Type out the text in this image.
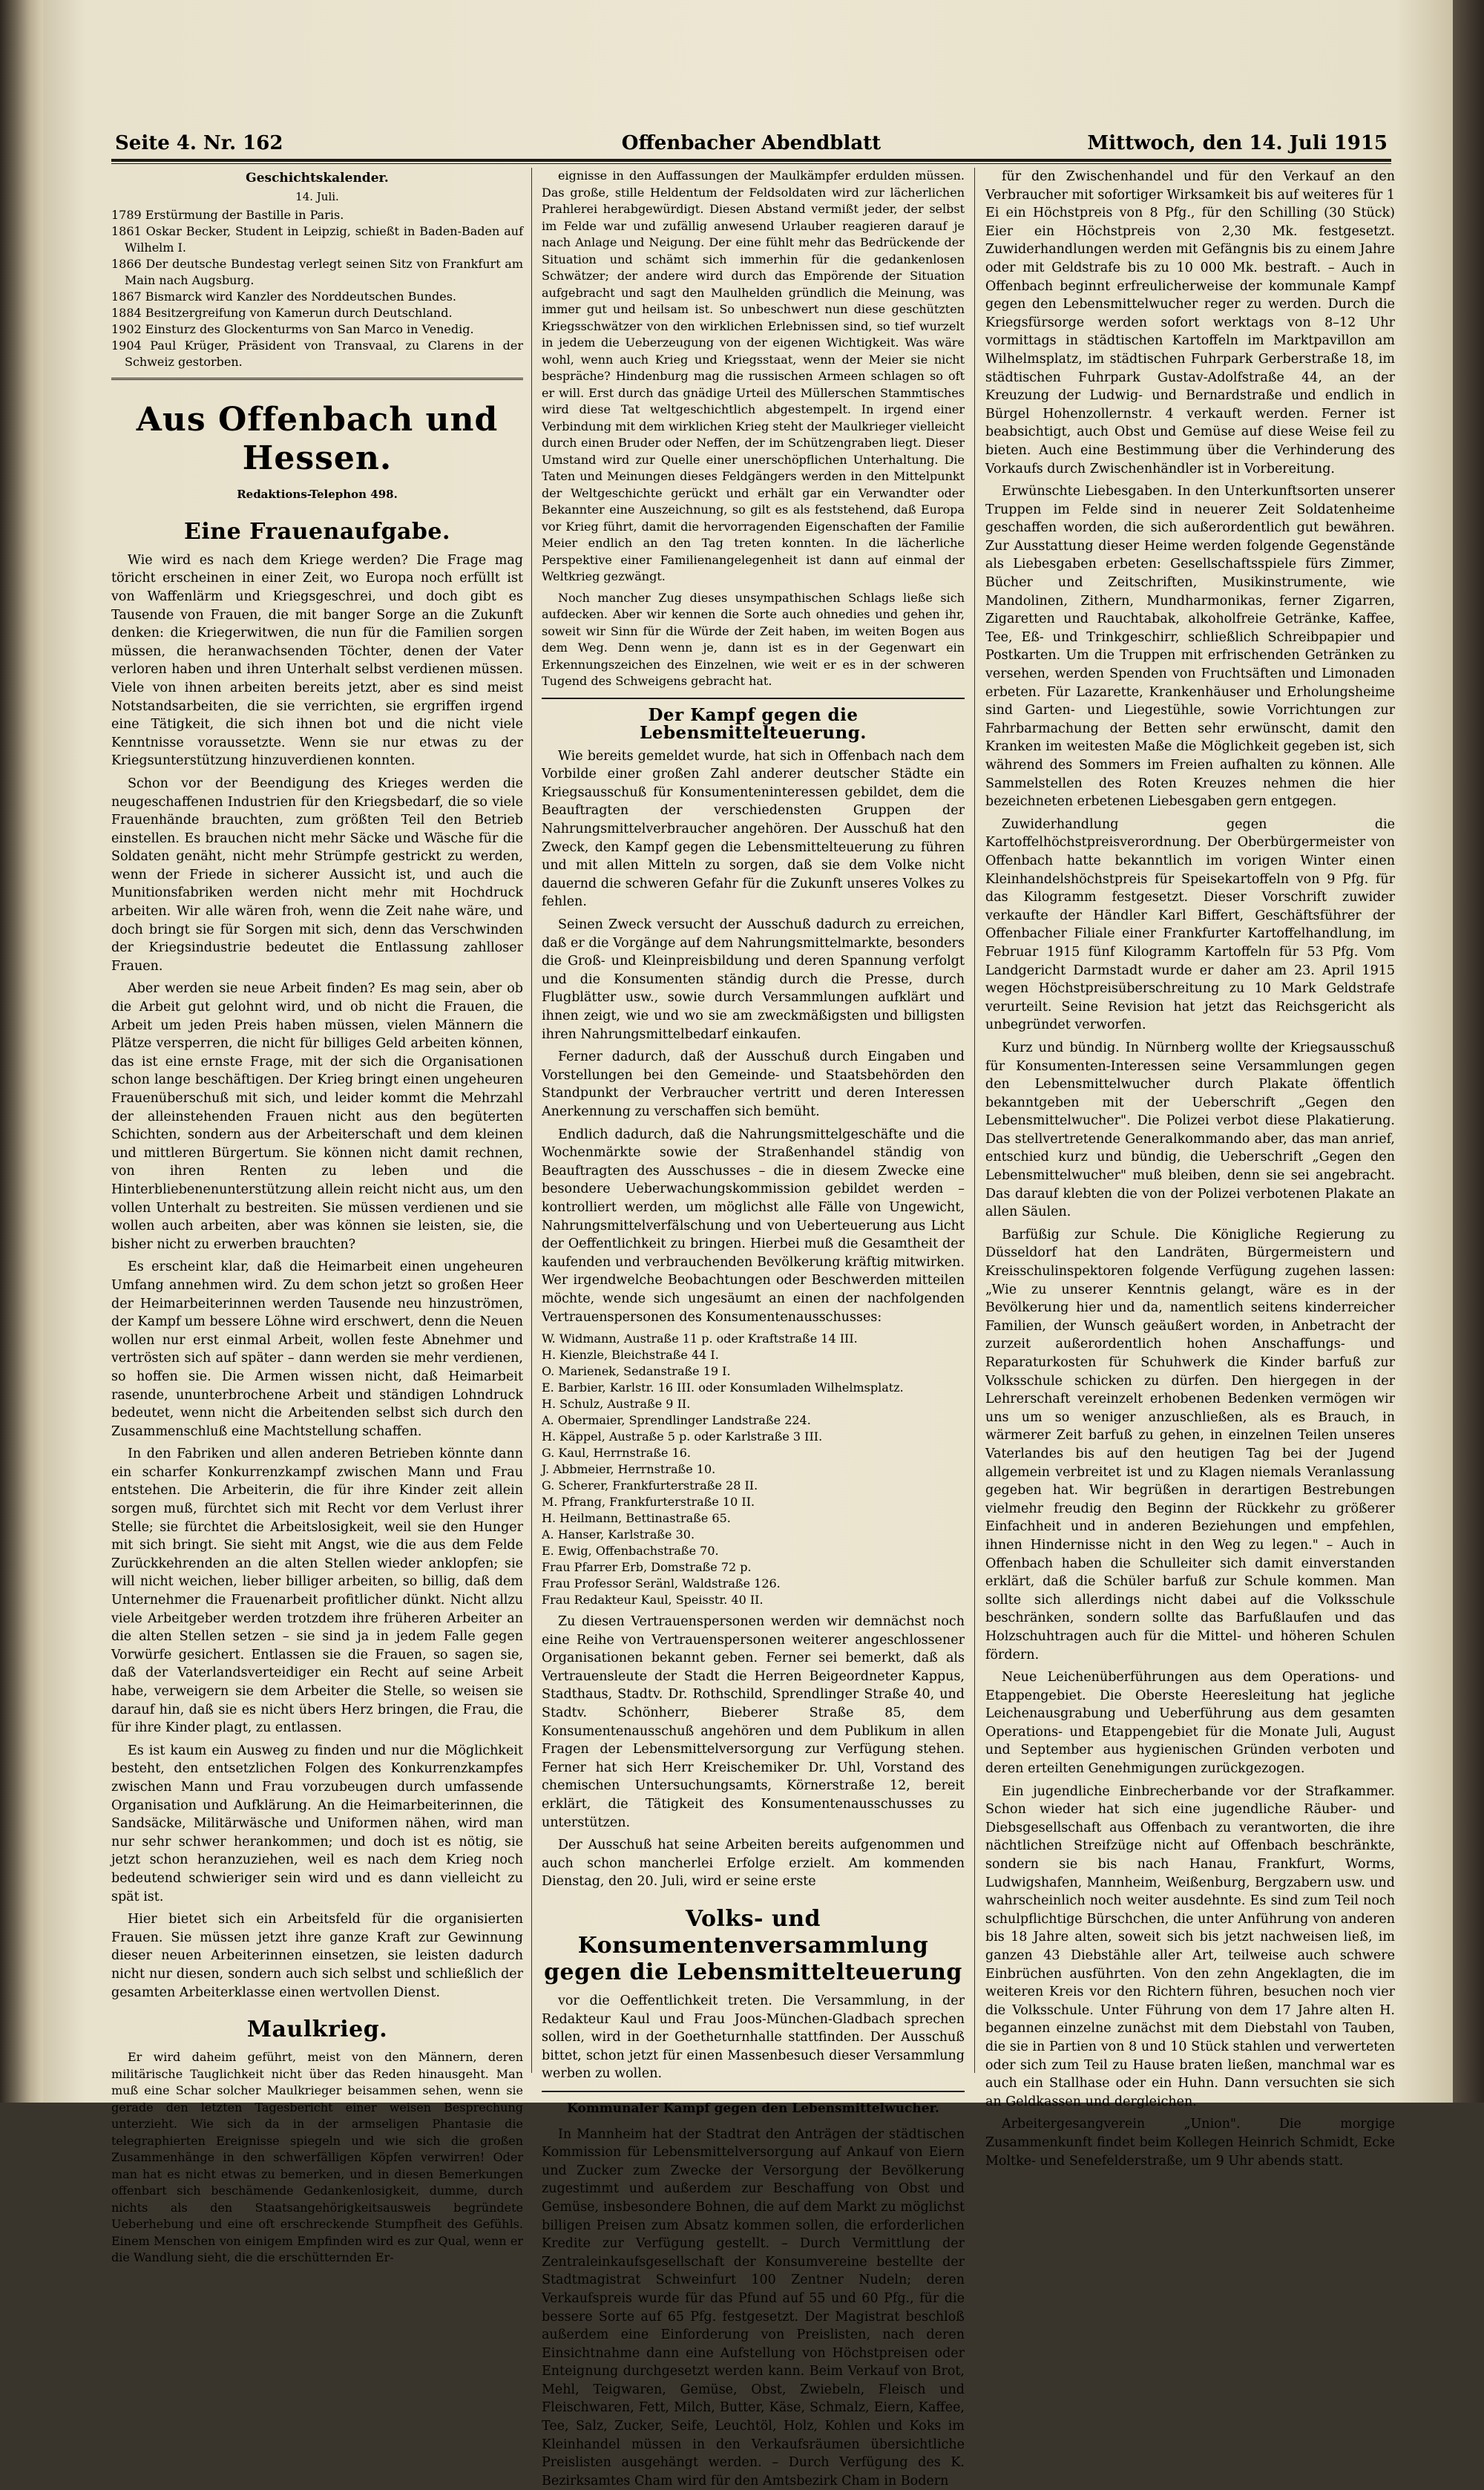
Seite 4. Nr. 162	Offenbacher Abendblatt	Mittwoch, den 14. Juli 1915
Geschichtskalender.
14. Juli.

1789 Erstürmung der Bastille in Paris.

1861 Oskar Becker, Student in Leipzig, schießt in Baden-Baden auf Wilhelm I.

1866 Der deutsche Bundestag verlegt seinen Sitz von Frankfurt am Main nach Augsburg.

1867 Bismarck wird Kanzler des Norddeutschen Bundes.

1884 Besitzergreifung von Kamerun durch Deutschland.

1902 Einsturz des Glockenturms von San Marco in Venedig.

1904 Paul Krüger, Präsident von Transvaal, zu Clarens in der Schweiz gestorben.

Aus Offenbach und Hessen.
Redaktions-Telephon 498.
Eine Frauenaufgabe.

Wie wird es nach dem Kriege werden? Die Frage mag töricht erscheinen in einer Zeit, wo Europa noch erfüllt ist von Waffenlärm und Kriegsgeschrei, und doch gibt es Tausende von Frauen, die mit banger Sorge an die Zukunft denken: die Kriegerwitwen, die nun für die Familien sorgen müssen, die heranwachsenden Töchter, denen der Vater verloren haben und ihren Unterhalt selbst verdienen müssen. Viele von ihnen arbeiten bereits jetzt, aber es sind meist Notstandsarbeiten, die sie verrichten, sie ergriffen irgend eine Tätigkeit, die sich ihnen bot und die nicht viele Kenntnisse voraussetzte. Wenn sie nur etwas zu der Kriegsunterstützung hinzuverdienen konnten.

Schon vor der Beendigung des Krieges werden die neugeschaffenen Industrien für den Kriegsbedarf, die so viele Frauenhände brauchten, zum größten Teil den Betrieb einstellen. Es brauchen nicht mehr Säcke und Wäsche für die Soldaten genäht, nicht mehr Strümpfe gestrickt zu werden, wenn der Friede in sicherer Aussicht ist, und auch die Munitionsfabriken werden nicht mehr mit Hochdruck arbeiten. Wir alle wären froh, wenn die Zeit nahe wäre, und doch bringt sie für Sorgen mit sich, denn das Verschwinden der Kriegsindustrie bedeutet die Entlassung zahlloser Frauen.

Aber werden sie neue Arbeit finden? Es mag sein, aber ob die Arbeit gut gelohnt wird, und ob nicht die Frauen, die Arbeit um jeden Preis haben müssen, vielen Männern die Plätze versperren, die nicht für billiges Geld arbeiten können, das ist eine ernste Frage, mit der sich die Organisationen schon lange beschäftigen. Der Krieg bringt einen ungeheuren Frauenüberschuß mit sich, und leider kommt die Mehrzahl der alleinstehenden Frauen nicht aus den begüterten Schichten, sondern aus der Arbeiterschaft und dem kleinen und mittleren Bürgertum. Sie können nicht damit rechnen, von ihren Renten zu leben und die Hinterbliebenenunterstützung allein reicht nicht aus, um den vollen Unterhalt zu bestreiten. Sie müssen verdienen und sie wollen auch arbeiten, aber was können sie leisten, sie, die bisher nicht zu erwerben brauchten?

Es erscheint klar, daß die Heimarbeit einen ungeheuren Umfang annehmen wird. Zu dem schon jetzt so großen Heer der Heimarbeiterinnen werden Tausende neu hinzuströmen, der Kampf um bessere Löhne wird erschwert, denn die Neuen wollen nur erst einmal Arbeit, wollen feste Abnehmer und vertrösten sich auf später – dann werden sie mehr verdienen, so hoffen sie. Die Armen wissen nicht, daß Heimarbeit rasende, ununterbrochene Arbeit und ständigen Lohndruck bedeutet, wenn nicht die Arbeitenden selbst sich durch den Zusammenschluß eine Machtstellung schaffen.

In den Fabriken und allen anderen Betrieben könnte dann ein scharfer Konkurrenzkampf zwischen Mann und Frau entstehen. Die Arbeiterin, die für ihre Kinder zeit allein sorgen muß, fürchtet sich mit Recht vor dem Verlust ihrer Stelle; sie fürchtet die Arbeitslosigkeit, weil sie den Hunger mit sich bringt. Sie sieht mit Angst, wie die aus dem Felde Zurückkehrenden an die alten Stellen wieder anklopfen; sie will nicht weichen, lieber billiger arbeiten, so billig, daß dem Unternehmer die Frauenarbeit profitlicher dünkt. Nicht allzu viele Arbeitgeber werden trotzdem ihre früheren Arbeiter an die alten Stellen setzen – sie sind ja in jedem Falle gegen Vorwürfe gesichert. Entlassen sie die Frauen, so sagen sie, daß der Vaterlandsverteidiger ein Recht auf seine Arbeit habe, verweigern sie dem Arbeiter die Stelle, so weisen sie darauf hin, daß sie es nicht übers Herz bringen, die Frau, die für ihre Kinder plagt, zu entlassen.

Es ist kaum ein Ausweg zu finden und nur die Möglichkeit besteht, den entsetzlichen Folgen des Konkurrenzkampfes zwischen Mann und Frau vorzubeugen durch umfassende Organisation und Aufklärung. An die Heimarbeiterinnen, die Sandsäcke, Militärwäsche und Uniformen nähen, wird man nur sehr schwer herankommen; und doch ist es nötig, sie jetzt schon heranzuziehen, weil es nach dem Krieg noch bedeutend schwieriger sein wird und es dann vielleicht zu spät ist.

Hier bietet sich ein Arbeitsfeld für die organisierten Frauen. Sie müssen jetzt ihre ganze Kraft zur Gewinnung dieser neuen Arbeiterinnen einsetzen, sie leisten dadurch nicht nur diesen, sondern auch sich selbst und schließlich der gesamten Arbeiterklasse einen wertvollen Dienst.

Maulkrieg.

Er wird daheim geführt, meist von den Männern, deren militärische Tauglichkeit nicht über das Reden hinausgeht. Man muß eine Schar solcher Maulkrieger beisammen sehen, wenn sie gerade den letzten Tagesbericht einer weisen Besprechung unterzieht. Wie sich da in der armseligen Phantasie die telegraphierten Ereignisse spiegeln und wie sich die großen Zusammenhänge in den schwerfälligen Köpfen verwirren! Oder man hat es nicht etwas zu bemerken, und in diesen Bemerkungen offenbart sich beschämende Gedankenlosigkeit, dumme, durch nichts als den Staatsangehörigkeitsausweis begründete Ueberhebung und eine oft erschreckende Stumpfheit des Gefühls. Einem Menschen von einigem Empfinden wird es zur Qual, wenn er die Wandlung sieht, die die erschütternden Er-

eignisse in den Auffassungen der Maulkämpfer erdulden müssen. Das große, stille Heldentum der Feldsoldaten wird zur lächerlichen Prahlerei herabgewürdigt. Diesen Abstand vermißt jeder, der selbst im Felde war und zufällig anwesend Urlauber reagieren darauf je nach Anlage und Neigung. Der eine fühlt mehr das Bedrückende der Situation und schämt sich immerhin für die gedankenlosen Schwätzer; der andere wird durch das Empörende der Situation aufgebracht und sagt den Maulhelden gründlich die Meinung, was immer gut und heilsam ist. So unbeschwert nun diese geschützten Kriegsschwätzer von den wirklichen Erlebnissen sind, so tief wurzelt in jedem die Ueberzeugung von der eigenen Wichtigkeit. Was wäre wohl, wenn auch Krieg und Kriegsstaat, wenn der Meier sie nicht bespräche? Hindenburg mag die russischen Armeen schlagen so oft er will. Erst durch das gnädige Urteil des Müllerschen Stammtisches wird diese Tat weltgeschichtlich abgestempelt. In irgend einer Verbindung mit dem wirklichen Krieg steht der Maulkrieger vielleicht durch einen Bruder oder Neffen, der im Schützengraben liegt. Dieser Umstand wird zur Quelle einer unerschöpflichen Unterhaltung. Die Taten und Meinungen dieses Feldgängers werden in den Mittelpunkt der Weltgeschichte gerückt und erhält gar ein Verwandter oder Bekannter eine Auszeichnung, so gilt es als feststehend, daß Europa vor Krieg führt, damit die hervorragenden Eigenschaften der Familie Meier endlich an den Tag treten konnten. In die lächerliche Perspektive einer Familienangelegenheit ist dann auf einmal der Weltkrieg gezwängt.

Noch mancher Zug dieses unsympathischen Schlags ließe sich aufdecken. Aber wir kennen die Sorte auch ohnedies und gehen ihr, soweit wir Sinn für die Würde der Zeit haben, im weiten Bogen aus dem Weg. Denn wenn je, dann ist es in der Gegenwart ein Erkennungszeichen des Einzelnen, wie weit er es in der schweren Tugend des Schweigens gebracht hat.

Der Kampf gegen die Lebensmittelteuerung.

Wie bereits gemeldet wurde, hat sich in Offenbach nach dem Vorbilde einer großen Zahl anderer deutscher Städte ein Kriegsausschuß für Konsumenteninteressen gebildet, dem die Beauftragten der verschiedensten Gruppen der Nahrungsmittelverbraucher angehören. Der Ausschuß hat den Zweck, den Kampf gegen die Lebensmittelteuerung zu führen und mit allen Mitteln zu sorgen, daß sie dem Volke nicht dauernd die schweren Gefahr für die Zukunft unseres Volkes zu fehlen.

Seinen Zweck versucht der Ausschuß dadurch zu erreichen, daß er die Vorgänge auf dem Nahrungsmittelmarkte, besonders die Groß- und Kleinpreisbildung und deren Spannung verfolgt und die Konsumenten ständig durch die Presse, durch Flugblätter usw., sowie durch Versammlungen aufklärt und ihnen zeigt, wie und wo sie am zweckmäßigsten und billigsten ihren Nahrungsmittelbedarf einkaufen.

Ferner dadurch, daß der Ausschuß durch Eingaben und Vorstellungen bei den Gemeinde- und Staatsbehörden den Standpunkt der Verbraucher vertritt und deren Interessen Anerkennung zu verschaffen sich bemüht.

Endlich dadurch, daß die Nahrungsmittelgeschäfte und die Wochenmärkte sowie der Straßenhandel ständig von Beauftragten des Ausschusses – die in diesem Zwecke eine besondere Ueberwachungskommission gebildet werden – kontrolliert werden, um möglichst alle Fälle von Ungewicht, Nahrungsmittelverfälschung und von Ueberteuerung aus Licht der Oeffentlichkeit zu bringen. Hierbei muß die Gesamtheit der kaufenden und verbrauchenden Bevölkerung kräftig mitwirken. Wer irgendwelche Beobachtungen oder Beschwerden mitteilen möchte, wende sich ungesäumt an einen der nachfolgenden Vertrauenspersonen des Konsumentenausschusses:

W. Widmann, Austraße 11 p. oder Kraftstraße 14 III.

H. Kienzle, Bleichstraße 44 I.

O. Marienek, Sedanstraße 19 I.

E. Barbier, Karlstr. 16 III. oder Konsumladen Wilhelmsplatz.

H. Schulz, Austraße 9 II.

A. Obermaier, Sprendlinger Landstraße 224.

H. Käppel, Austraße 5 p. oder Karlstraße 3 III.

G. Kaul, Herrnstraße 16.

J. Abbmeier, Herrnstraße 10.

G. Scherer, Frankfurterstraße 28 II.

M. Pfrang, Frankfurterstraße 10 II.

H. Heilmann, Bettinastraße 65.

A. Hanser, Karlstraße 30.

E. Ewig, Offenbachstraße 70.

Frau Pfarrer Erb, Domstraße 72 p.

Frau Professor Seränl, Waldstraße 126.

Frau Redakteur Kaul, Speisstr. 40 II.

Zu diesen Vertrauenspersonen werden wir demnächst noch eine Reihe von Vertrauenspersonen weiterer angeschlossener Organisationen bekannt geben. Ferner sei bemerkt, daß als Vertrauensleute der Stadt die Herren Beigeordneter Kappus, Stadthaus, Stadtv. Dr. Rothschild, Sprendlinger Straße 40, und Stadtv. Schönherr, Bieberer Straße 85, dem Konsumentenausschuß angehören und dem Publikum in allen Fragen der Lebensmittelversorgung zur Verfügung stehen. Ferner hat sich Herr Kreischemiker Dr. Uhl, Vorstand des chemischen Untersuchungsamts, Körnerstraße 12, bereit erklärt, die Tätigkeit des Konsumentenausschusses zu unterstützen.

Der Ausschuß hat seine Arbeiten bereits aufgenommen und auch schon mancherlei Erfolge erzielt. Am kommenden Dienstag, den 20. Juli, wird er seine erste

Volks- und Konsumentenversammlung gegen die Lebensmittelteuerung

vor die Oeffentlichkeit treten. Die Versammlung, in der Redakteur Kaul und Frau Joos-München-Gladbach sprechen sollen, wird in der Goetheturnhalle stattfinden. Der Ausschuß bittet, schon jetzt für einen Massenbesuch dieser Versammlung werben zu wollen.

Kommunaler Kampf gegen den Lebensmittelwucher.

In Mannheim hat der Stadtrat den Anträgen der städtischen Kommission für Lebensmittelversorgung auf Ankauf von Eiern und Zucker zum Zwecke der Versorgung der Bevölkerung zugestimmt und außerdem zur Beschaffung von Obst und Gemüse, insbesondere Bohnen, die auf dem Markt zu möglichst billigen Preisen zum Absatz kommen sollen, die erforderlichen Kredite zur Verfügung gestellt. – Durch Vermittlung der Zentraleinkaufsgesellschaft der Konsumvereine bestellte der Stadtmagistrat Schweinfurt 100 Zentner Nudeln; deren Verkaufspreis wurde für das Pfund auf 55 und 60 Pfg., für die bessere Sorte auf 65 Pfg. festgesetzt. Der Magistrat beschloß außerdem eine Einforderung von Preislisten, nach deren Einsichtnahme dann eine Aufstellung von Höchstpreisen oder Enteignung durchgesetzt werden kann. Beim Verkauf von Brot, Mehl, Teigwaren, Gemüse, Obst, Zwiebeln, Fleisch und Fleischwaren, Fett, Milch, Butter, Käse, Schmalz, Eiern, Kaffee, Tee, Salz, Zucker, Seife, Leuchtöl, Holz, Kohlen und Koks im Kleinhandel müssen in den Verkaufsräumen übersichtliche Preislisten ausgehängt werden. – Durch Verfügung des K. Bezirksamtes Cham wird für den Amtsbezirk Cham in Bodern

für den Zwischenhandel und für den Verkauf an den Verbraucher mit sofortiger Wirksamkeit bis auf weiteres für 1 Ei ein Höchstpreis von 8 Pfg., für den Schilling (30 Stück) Eier ein Höchstpreis von 2,30 Mk. festgesetzt. Zuwiderhandlungen werden mit Gefängnis bis zu einem Jahre oder mit Geldstrafe bis zu 10 000 Mk. bestraft. – Auch in Offenbach beginnt erfreulicherweise der kommunale Kampf gegen den Lebensmittelwucher reger zu werden. Durch die Kriegsfürsorge werden sofort werktags von 8–12 Uhr vormittags in städtischen Kartoffeln im Marktpavillon am Wilhelmsplatz, im städtischen Fuhrpark Gerberstraße 18, im städtischen Fuhrpark Gustav-Adolfstraße 44, an der Kreuzung der Ludwig- und Bernardstraße und endlich in Bürgel Hohenzollernstr. 4 verkauft werden. Ferner ist beabsichtigt, auch Obst und Gemüse auf diese Weise feil zu bieten. Auch eine Bestimmung über die Verhinderung des Vorkaufs durch Zwischenhändler ist in Vorbereitung.

Erwünschte Liebesgaben. In den Unterkunftsorten unserer Truppen im Felde sind in neuerer Zeit Soldatenheime geschaffen worden, die sich außerordentlich gut bewähren. Zur Ausstattung dieser Heime werden folgende Gegenstände als Liebesgaben erbeten: Gesellschaftsspiele fürs Zimmer, Bücher und Zeitschriften, Musikinstrumente, wie Mandolinen, Zithern, Mundharmonikas, ferner Zigarren, Zigaretten und Rauchtabak, alkoholfreie Getränke, Kaffee, Tee, Eß- und Trinkgeschirr, schließlich Schreibpapier und Postkarten. Um die Truppen mit erfrischenden Getränken zu versehen, werden Spenden von Fruchtsäften und Limonaden erbeten. Für Lazarette, Krankenhäuser und Erholungsheime sind Garten- und Liegestühle, sowie Vorrichtungen zur Fahrbarmachung der Betten sehr erwünscht, damit den Kranken im weitesten Maße die Möglichkeit gegeben ist, sich während des Sommers im Freien aufhalten zu können. Alle Sammelstellen des Roten Kreuzes nehmen die hier bezeichneten erbetenen Liebesgaben gern entgegen.

Zuwiderhandlung gegen die Kartoffelhöchstpreisverordnung. Der Oberbürgermeister von Offenbach hatte bekanntlich im vorigen Winter einen Kleinhandelshöchstpreis für Speisekartoffeln von 9 Pfg. für das Kilogramm festgesetzt. Dieser Vorschrift zuwider verkaufte der Händler Karl Biffert, Geschäftsführer der Offenbacher Filiale einer Frankfurter Kartoffelhandlung, im Februar 1915 fünf Kilogramm Kartoffeln für 53 Pfg. Vom Landgericht Darmstadt wurde er daher am 23. April 1915 wegen Höchstpreisüberschreitung zu 10 Mark Geldstrafe verurteilt. Seine Revision hat jetzt das Reichsgericht als unbegründet verworfen.

Kurz und bündig. In Nürnberg wollte der Kriegsausschuß für Konsumenten-Interessen seine Versammlungen gegen den Lebensmittelwucher durch Plakate öffentlich bekanntgeben mit der Ueberschrift „Gegen den Lebensmittelwucher". Die Polizei verbot diese Plakatierung. Das stellvertretende Generalkommando aber, das man anrief, entschied kurz und bündig, die Ueberschrift „Gegen den Lebensmittelwucher" muß bleiben, denn sie sei angebracht. Das darauf klebten die von der Polizei verbotenen Plakate an allen Säulen.

Barfüßig zur Schule. Die Königliche Regierung zu Düsseldorf hat den Landräten, Bürgermeistern und Kreisschulinspektoren folgende Verfügung zugehen lassen: „Wie zu unserer Kenntnis gelangt, wäre es in der Bevölkerung hier und da, namentlich seitens kinderreicher Familien, der Wunsch geäußert worden, in Anbetracht der zurzeit außerordentlich hohen Anschaffungs- und Reparaturkosten für Schuhwerk die Kinder barfuß zur Volksschule schicken zu dürfen. Den hiergegen in der Lehrerschaft vereinzelt erhobenen Bedenken vermögen wir uns um so weniger anzuschließen, als es Brauch, in wärmerer Zeit barfuß zu gehen, in einzelnen Teilen unseres Vaterlandes bis auf den heutigen Tag bei der Jugend allgemein verbreitet ist und zu Klagen niemals Veranlassung gegeben hat. Wir begrüßen in derartigen Bestrebungen vielmehr freudig den Beginn der Rückkehr zu größerer Einfachheit und in anderen Beziehungen und empfehlen, ihnen Hindernisse nicht in den Weg zu legen." – Auch in Offenbach haben die Schulleiter sich damit einverstanden erklärt, daß die Schüler barfuß zur Schule kommen. Man sollte sich allerdings nicht dabei auf die Volksschule beschränken, sondern sollte das Barfußlaufen und das Holzschuhtragen auch für die Mittel- und höheren Schulen fördern.

Neue Leichenüberführungen aus dem Operations- und Etappengebiet. Die Oberste Heeresleitung hat jegliche Leichenausgrabung und Ueberführung aus dem gesamten Operations- und Etappengebiet für die Monate Juli, August und September aus hygienischen Gründen verboten und deren erteilten Genehmigungen zurückgezogen.

Ein jugendliche Einbrecherbande vor der Strafkammer. Schon wieder hat sich eine jugendliche Räuber- und Diebsgesellschaft aus Offenbach zu verantworten, die ihre nächtlichen Streifzüge nicht auf Offenbach beschränkte, sondern sie bis nach Hanau, Frankfurt, Worms, Ludwigshafen, Mannheim, Weißenburg, Bergzabern usw. und wahrscheinlich noch weiter ausdehnte. Es sind zum Teil noch schulpflichtige Bürschchen, die unter Anführung von anderen bis 18 Jahre alten, soweit sich bis jetzt nachweisen ließ, im ganzen 43 Diebstähle aller Art, teilweise auch schwere Einbrüchen ausführten. Von den zehn Angeklagten, die im weiteren Kreis vor den Richtern führen, besuchen noch vier die Volksschule. Unter Führung von dem 17 Jahre alten H. begannen einzelne zunächst mit dem Diebstahl von Tauben, die sie in Partien von 8 und 10 Stück stahlen und verwerteten oder sich zum Teil zu Hause braten ließen, manchmal war es auch ein Stallhase oder ein Huhn. Dann versuchten sie sich an Geldkassen und dergleichen.

Arbeitergesangverein „Union". Die morgige Zusammenkunft findet beim Kollegen Heinrich Schmidt, Ecke Moltke- und Senefelderstraße, um 9 Uhr abends statt.
